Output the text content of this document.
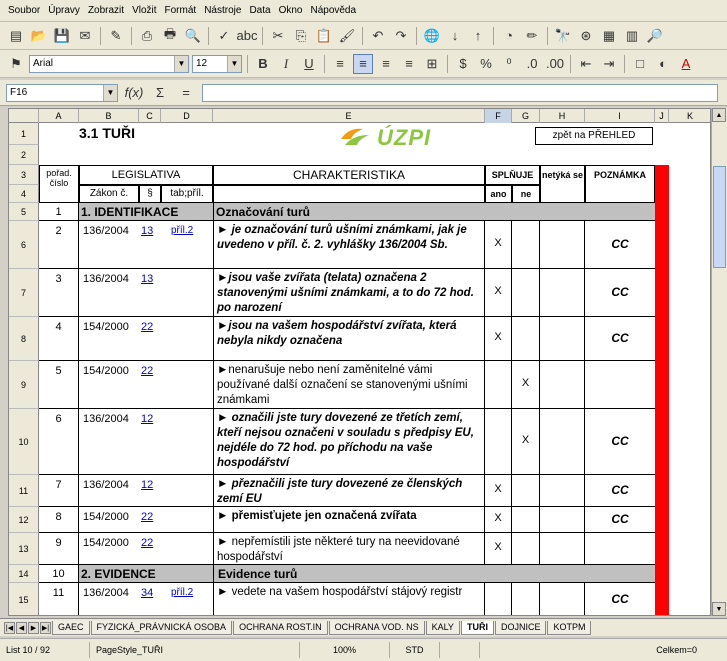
Soubor Úpravy Zobrazit Vložit Formát Nástroje Data Okno Nápověda
▤ 📂 💾 ✉	✎	⎙ 🖶 🔍	✓ abc	✂ ⎘ 📋 🖌	↶ ↷	🌐 ↓	↑	◔	✏	🔭 ⊛ ▦ ▥ 🔎
⚑	Arial	▼ 12	▼	B	I	U	≡	≡	≡	≡	⊞	$	%	⁰	.0 .00	⇤ ⇥	□	◐	A
F16	▼ f(x) Σ	=
A	B	C	D	E	F	G	H	I	J	K
1
2
3
4
5
6
7
8
9
10
11
12
13
14
15
3.1 TUŘI	ÚZPI	zpět na PŘEHLED
pořad. číslo
LEGISLATIVA
Zákon č.	§	tab;příl.
CHARAKTERISTIKA	SPLŇUJE
ano	ne
netýká se	POZNÁMKA
1	1. IDENTIFIKACE	Označování turů
2	136/2004	13	příl.2	► je označování turů ušními známkami, jak je uvedeno v příl. č. 2. vyhlášky 136/2004 Sb.	X	CC
3	136/2004	13	►jsou vaše zvířata (telata) označena 2 stanovenými ušními známkami, a to do 72 hod. po narození
X	CC
4	154/2000	22	►jsou na vašem hospodářství zvířata, která nebyla nikdy označena	X	CC
5	154/2000	22	►nenarušuje nebo není zaměnitelné vámi používané další označení se stanovenými ušními známkami
X
6	136/2004	12	► označili jste tury dovezené ze třetích zemí, kteří nejsou označeni v souladu s předpisy EU, nejdéle do 72 hod. po příchodu na vaše hospodářství
X	CC
7	136/2004	12	► přeznačili jste tury dovezené ze členských zemí EU
X	CC
8	154/2000	22	► přemisťujete jen označená zvířata	X	CC
9	154/2000	22	► nepřemístili jste některé tury na neevidované hospodářství
X
11	136/2004	34	příl.2	► vedete na vašem hospodářství stájový registr	CC
10	2. EVIDENCE	Evidence turů
▲
▼
|◀ ◀ ▶ ▶| GAEC	FYZICKÁ_PRÁVNICKÁ OSOBA	OCHRANA ROST.IN	OCHRANA VOD. NS	KALY	TUŘI	DOJNICE	KOTPM
List 10 / 92	PageStyle_TUŘI	100%	STD	Celkem=0
